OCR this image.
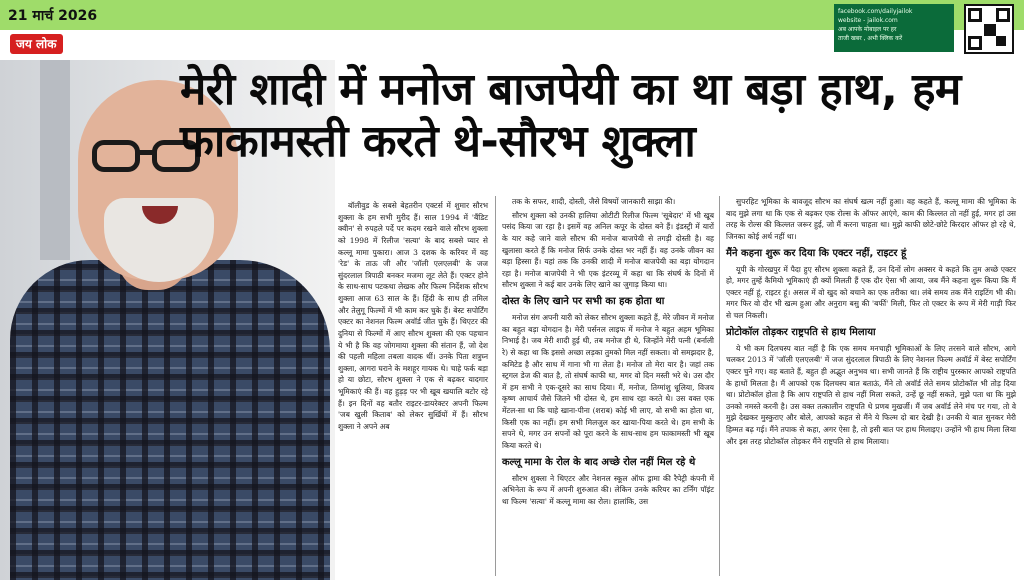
21 मार्च 2026
जय लोक
facebook.com/dailyjailok
website - jailok.com
अब आपके मोबाइल पर हर
ताजी खबर , अभी क्लिक करें
मेरी शादी में मनोज बाजपेयी का था बड़ा हाथ, हम फाकामस्ती करते थे-सौरभ शुक्ला

बॉलीवुड के सबसे बेहतरीन एक्टर्स में शुमार सौरभ शुक्ला के हम सभी मुरीद हैं। साल 1994 में 'बैंडिट क्वीन' से रुपहले पर्दे पर कदम रखने वाले सौरभ शुक्ला को 1998 में रिलीज 'सत्या' के बाद सबसे प्यार से कल्लू मामा पुकारा। आज 3 दशक के करियर में वह 'रेड' के ताऊ जी और 'जॉली एलएलबी' के जज सुंदरलाल त्रिपाठी बनकर मजमा लूट लेते हैं। एक्टर होने के साथ-साथ पटकथा लेखक और फिल्म निर्देशक सौरभ शुक्ला आज 63 साल के हैं। हिंदी के साथ ही तमिल और तेलुगू फिल्मों में भी काम कर चुके हैं। बेस्ट सपोर्टिंग एक्टर का नेशनल फिल्म अवॉर्ड जीत चुके हैं। थिएटर की दुनिया से फिल्मों में आए सौरभ शुक्ला की एक पहचान ये भी है कि वह जोगमाया शुक्ला की संतान हैं, जो देश की पहली महिला तबला वादक थीं। उनके पिता शत्रुघ्न शुक्ला, आगरा घराने के मशहूर गायक थे। चाहे फर्क बड़ा हो या छोटा, सौरभ शुक्ला ने एक से बढ़कर यादगार भूमिकाएं की हैं। वह हुड़ड़ पर भी खूब खयालि बटोर रहे हैं। इन दिनों वह बतौर राइटर-डायरेक्टर अपनी फिल्म 'जब खुली किताब' को लेकर सुर्खियों में हैं। सौरभ शुक्ला ने अपने अब

तक के सफर, शादी, दोस्ती, जैसे विषयों जानकारी साझा की।

सौरभ शुक्ला को उनकी हालिया ओटीटी रिलीज फिल्म 'सूबेदार' में भी खूब पसंद किया जा रहा है। इसमें वह अनिल कपूर के दोस्त बने हैं। इंडस्ट्री में यारों के यार कहे जाने वाले सौरभ की मनोज बाजपेयी से तगड़ी दोस्ती है। वह खुलासा करते हैं कि मनोज सिर्फ उनके दोस्त भर नहीं हैं। वह उनके जीवन का बड़ा हिस्सा हैं। यहां तक कि उनकी शादी में मनोज बाजपेयी का बड़ा योगदान रहा है। मनोज बाजपेयी ने भी एक इंटरव्यू में कहा था कि संघर्ष के दिनों में सौरभ शुक्ला ने कई बार उनके लिए खाने का जुगाड़ किया था।

दोस्त के लिए खाने पर सभी का हक होता था

मनोज संग अपनी यारी को लेकर सौरभ शुक्ला कहते हैं, मेरे जीवन में मनोज का बहुत बड़ा योगदान है। मेरी पर्सनल लाइफ में मनोज ने बहुत अहम भूमिका निभाई है। जब मेरी शादी हुई थी, तब मनोज ही थे, जिन्होंने मेरी पत्नी (बर्नाली रे) से कहा था कि इससे अच्छा लड़का तुमको मिल नहीं सकता। वो समझदार है, कमिटेड है और साथ में गाना भी गा लेता है। मनोज तो मेरा यार है। जहां तक स्ट्रगल डेज की बात है, तो संघर्ष काफी था, मगर वो दिन मस्ती भरे थे। उस दौर में हम सभी ने एक-दूसरे का साथ दिया। मैं, मनोज, तिग्मांशु धूलिया, विजय कृष्ण आचार्य जैसे जितने भी दोस्त थे, हम साथ रहा करते थे। उस वक्त एक मेंटल-सा था कि चाहे खाना-पीना (शराब) कोई भी लाए, वो सभी का होता था, किसी एक का नहीं। हम सभी मिलजुल कर खाया-पिया करते थे। हम सभी के सपने थे, मगर उन सपनों को पूरा करने के साथ-साथ हम फाकामस्ती भी खूब किया करते थे।

कल्लू मामा के रोल के बाद अच्छे रोल नहीं मिल रहे थे

सौरभ शुक्ला ने थिएटर और नेशनल स्कूल ऑफ ड्रामा की रैपेट्री कंपनी में अभिनेता के रूप में अपनी शुरुआत की। लेकिन उनके करियर का टर्निंग पॉइंट था फिल्म 'सत्या' में कल्लू मामा का रोल। हालांकि, उस

सुपरहिट भूमिका के बावजूद सौरभ का संघर्ष खत्म नहीं हुआ। वह कहते हैं, कल्लू मामा की भूमिका के बाद मुझे लगा था कि एक से बढ़कर एक रोल्स के ऑफर आएंगे, काम की किल्लत तो नहीं हुई, मगर हां उस तरह के रोल्स की किल्लत जरूर हुई, जो मैं करना चाहता था। मुझे काफी छोटे-छोटे किरदार ऑफर हो रहे थे, जिनका कोई अर्थ नहीं था।

मैंने कहना शुरू कर दिया कि एक्टर नहीं, राइटर हूं

यूपी के गोरखपुर में पैदा हुए सौरभ शुक्ला कहते हैं, उन दिनों लोग अक्सर ये कहते कि तुम अच्छे एक्टर हो, मगर तुम्हें कैमियो भूमिकाएं ही क्यों मिलती हैं एक दौर ऐसा भी आया, जब मैंने कहना शुरू किया कि मैं एक्टर नहीं हूं, राइटर हूं। असल में वो खुद को बचाने का एक तरीका था। लंबे समय तक मैंने राइटिंग भी की। मगर फिर वो दौर भी खत्म हुआ और अनुराग बसु की 'बर्फी' मिली, फिर तो एक्टर के रूप में मेरी गाड़ी फिर से चल निकली।

प्रोटोकॉल तोड़कर राष्ट्रपति से हाथ मिलाया

ये भी कम दिलचस्प बात नहीं है कि एक समय मनचाही भूमिकाओं के लिए तरसने वाले सौरभ, आगे चलकर 2013 में 'जॉली एलएलबी' में जज सुंदरलाल त्रिपाठी के लिए नेशनल फिल्म अवॉर्ड में बेस्ट सपोर्टिंग एक्टर चुने गए। वह बताते हैं, बहुत ही अद्भुत अनुभव था। सभी जानते हैं कि राष्ट्रीय पुरस्कार आपको राष्ट्रपति के हाथों मिलता है। मैं आपको एक दिलचस्प बात बताऊं, मैंने तो अवॉर्ड लेते समय प्रोटोकॉल भी तोड़ दिया था। प्रोटोकॉल होता है कि आप राष्ट्रपति से हाथ नहीं मिला सकते, उन्हें छू नहीं सकते, मुझे पता था कि मुझे उनको नमस्ते करनी है। उस वक्त तत्कालीन राष्ट्रपति थे प्रणब मुखर्जी। मैं जब अवॉर्ड लेने मंच पर गया, तो वे मुझे देखकर मुस्कुराए और बोले, आपको कहत से मैंने ये फिल्म दो बार देखी है। उनकी ये बात सुनकर मेरी हिम्मत बढ़ गई। मैंने तपाक से कहा, अगर ऐसा है, तो इसी बात पर हाथ मिलाइए। उन्होंने भी हाथ मिला लिया और इस तरह प्रोटोकॉल तोड़कर मैंने राष्ट्रपति से हाथ मिलाया।
